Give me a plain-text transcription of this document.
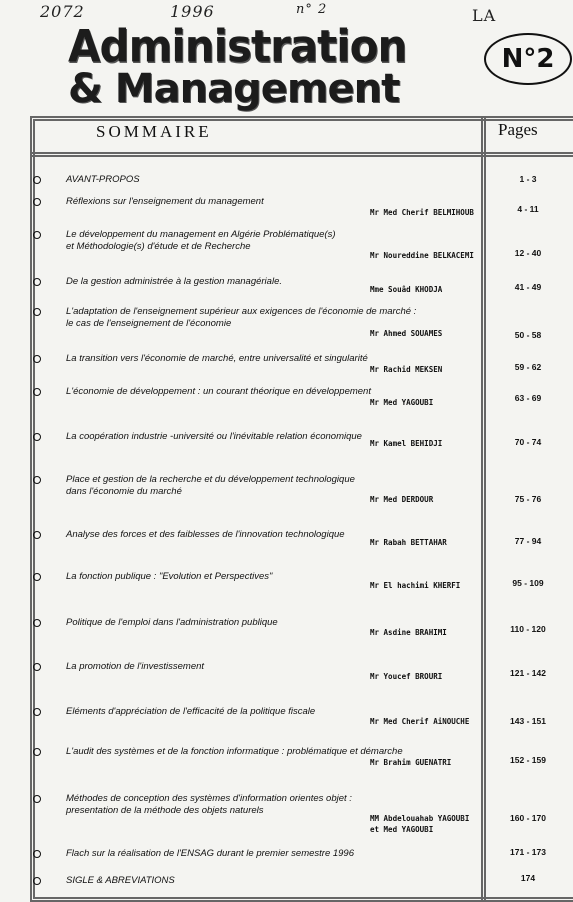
2072	1996	n° 2	LA
Administration
& Management
N°2
SOMMAIRE	Pages
AVANT-PROPOS	1 - 3
Réflexions sur l'enseignement du management
Mr Med Cherif BELMIHOUB	4 - 11
Le développement du management en Algérie Problématique(s)
et Méthodologie(s) d'étude et de Recherche
Mr Noureddine BELKACEMI	12 - 40
De la gestion administrée à la gestion managériale.
Mme Souâd KHODJA	41 - 49
L'adaptation de l'enseignement supérieur aux exigences de l'économie de marché :
le cas de l'enseignement de l'économie
Mr Ahmed SOUAMES	50 - 58
La transition vers l'économie de marché, entre universalité et singularité
Mr Rachid MEKSEN	59 - 62
L'économie de développement : un courant théorique en développement
Mr Med YAGOUBI	63 - 69
La coopération industrie -université ou l'inévitable relation économique
Mr Kamel BEHIDJI	70 - 74
Place et gestion de la recherche et du développement technologique
dans l'économie du marché
Mr Med DERDOUR	75 - 76
Analyse des forces et des faiblesses de l'innovation technologique
Mr Rabah BETTAHAR	77 - 94
La fonction publique : "Evolution et Perspectives"
Mr El hachimi KHERFI	95 - 109
Politique de l'emploi dans l'administration publique
Mr Asdine BRAHIMI	110 - 120
La promotion de l'investissement
Mr Youcef BROURI	121 - 142
Eléments d'appréciation de l'efficacité de la politique fiscale
Mr Med Cherif AiNOUCHE	143 - 151
L'audit des systèmes et de la fonction informatique : problématique et démarche
Mr Brahim GUENATRI	152 - 159
Méthodes de conception des systèmes d'information orientes objet :
presentation de la méthode des objets naturels
MM Abdelouahab YAGOUBI
et Med YAGOUBI
160 - 170
Flach sur la réalisation de l'ENSAG durant le premier semestre 1996	171 - 173
SIGLE & ABREVIATIONS	174
